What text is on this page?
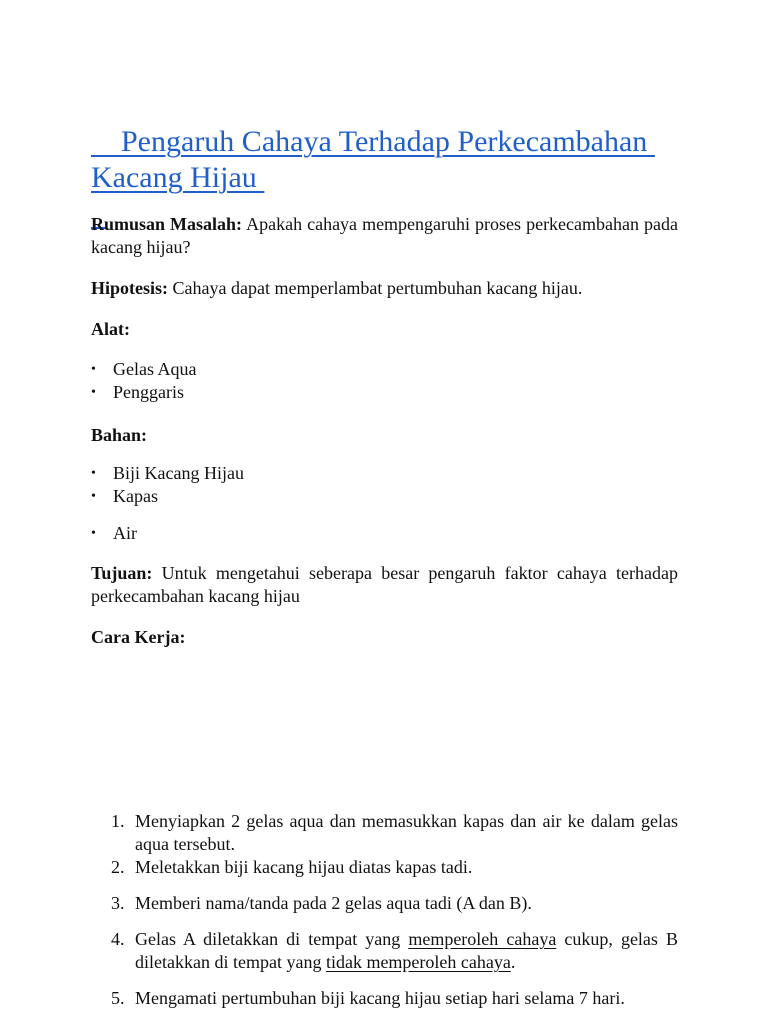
Pengaruh Cahaya Terhadap Perkecambahan Kacang Hijau

Rumusan Masalah: Apakah cahaya mempengaruhi proses perkecambahan pada kacang hijau?

Hipotesis: Cahaya dapat memperlambat pertumbuhan kacang hijau.

Alat:

• Gelas Aqua
• Penggaris

Bahan:

• Biji Kacang Hijau
• Kapas
• Air

Tujuan: Untuk mengetahui seberapa besar pengaruh faktor cahaya terhadap perkecambahan kacang hijau

Cara Kerja:

1. Menyiapkan 2 gelas aqua dan memasukkan kapas dan air ke dalam gelas aqua tersebut.
2. Meletakkan biji kacang hijau diatas kapas tadi.
3. Memberi nama/tanda pada 2 gelas aqua tadi (A dan B).
4. Gelas A diletakkan di tempat yang memperoleh cahaya cukup, gelas B diletakkan di tempat yang tidak memperoleh cahaya.
5. Mengamati pertumbuhan biji kacang hijau setiap hari selama 7 hari.
